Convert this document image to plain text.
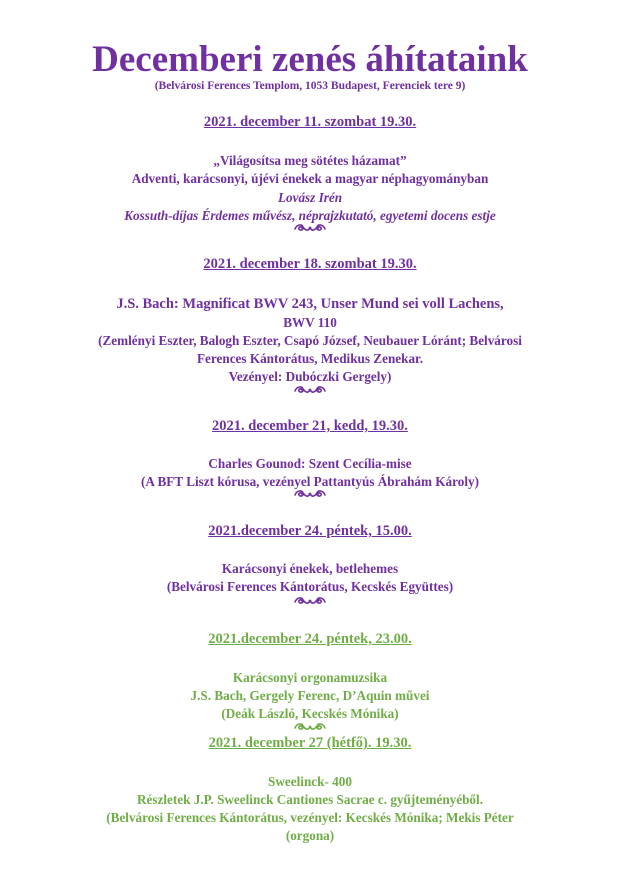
Decemberi zenés áhítataink
(Belvárosi Ferences Templom, 1053 Budapest, Ferenciek tere 9)
2021. december 11. szombat 19.30.
„Világosítsa meg sötétes házamat”
Adventi, karácsonyi, újévi énekek a magyar néphagyományban
Lovász Irén
Kossuth-díjas Érdemes művész, néprajzkutató, egyetemi docens estje
2021. december 18. szombat 19.30.
J.S. Bach: Magnificat BWV 243, Unser Mund sei voll Lachens,
BWV 110
(Zemlényi Eszter, Balogh Eszter, Csapó József, Neubauer Lóránt; Belvárosi
Ferences Kántorátus, Medikus Zenekar.
Vezényel: Dubóczki Gergely)
2021. december 21, kedd, 19.30.
Charles Gounod: Szent Cecília-mise
(A BFT Liszt kórusa, vezényel Pattantyús Ábrahám Károly)
2021.december 24. péntek, 15.00.
Karácsonyi énekek, betlehemes
(Belvárosi Ferences Kántorátus, Kecskés Együttes)
2021.december 24. péntek, 23.00.
Karácsonyi orgonamuzsika
J.S. Bach, Gergely Ferenc, D’Aquin művei
(Deák László, Kecskés Mónika)
2021. december 27 (hétfő). 19.30.
Sweelinck- 400
Részletek J.P. Sweelinck Cantiones Sacrae c. gyűjteményéből.
(Belvárosi Ferences Kántorátus, vezényel: Kecskés Mónika; Mekis Péter
(orgona)
